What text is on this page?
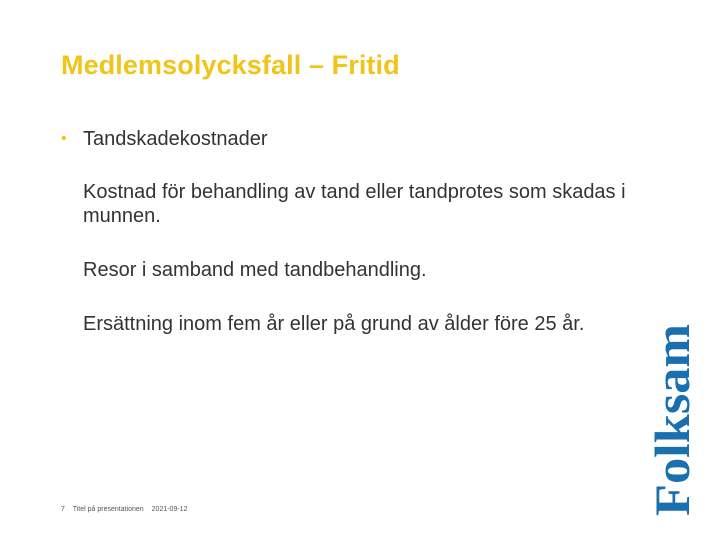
Medlemsolycksfall – Fritid
• Tandskadekostnader
Kostnad för behandling av tand eller tandprotes som skadas i munnen.
Resor i samband med tandbehandling.
Ersättning inom fem år eller på grund av ålder före 25 år.
7 Titel på presentationen 2021-09-12	Folksam
